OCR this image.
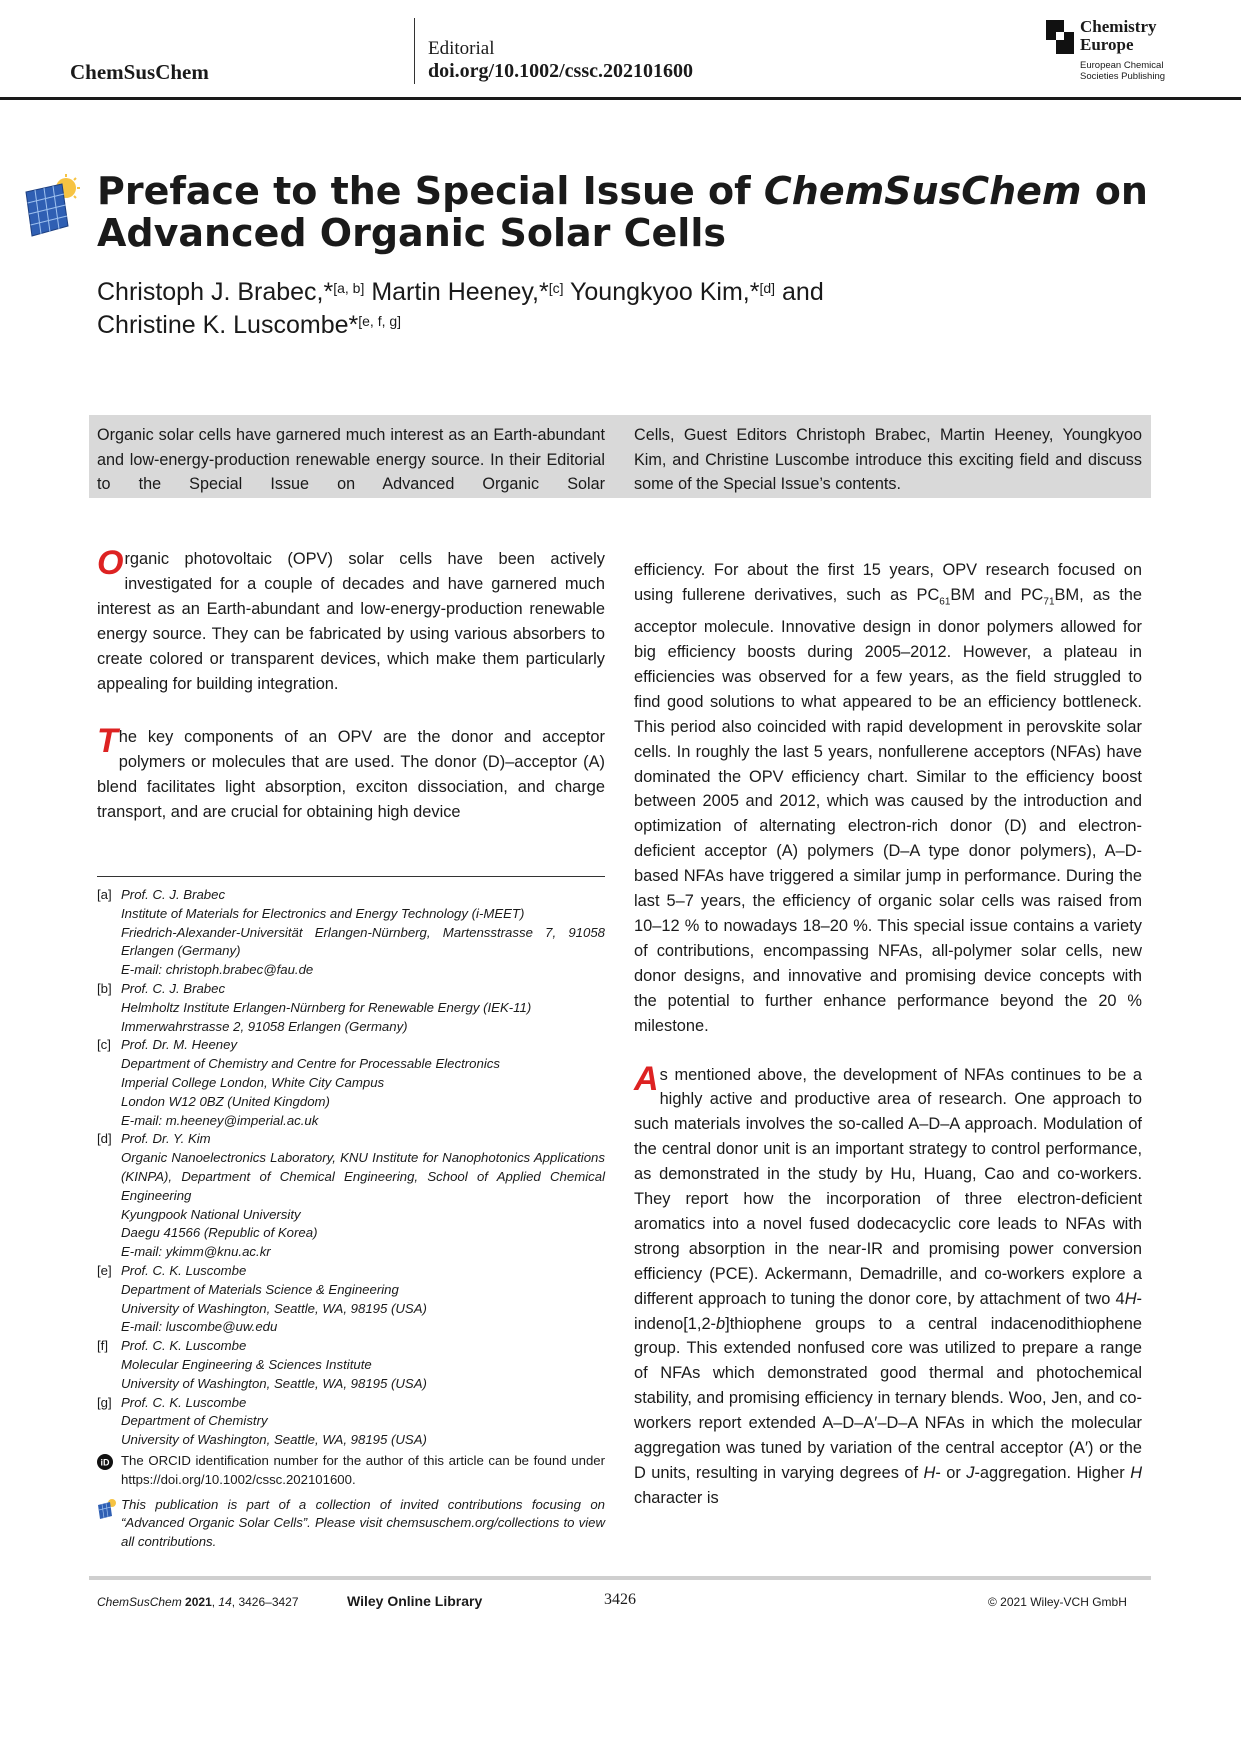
ChemSusChem
Editorial
doi.org/10.1002/cssc.202101600
Chemistry
Europe
European Chemical
Societies Publishing
Preface to the Special Issue of ChemSusChem on Advanced Organic Solar Cells
Christoph J. Brabec,*[a, b] Martin Heeney,*[c] Youngkyoo Kim,*[d] and
Christine K. Luscombe*[e, f, g]
Organic solar cells have garnered much interest as an Earth-abundant and low-energy-production renewable energy source. In their Editorial to the Special Issue on Advanced Organic Solar
Cells, Guest Editors Christoph Brabec, Martin Heeney, Youngkyoo Kim, and Christine Luscombe introduce this exciting field and discuss some of the Special Issue’s contents.

Organic photovoltaic (OPV) solar cells have been actively investigated for a couple of decades and have garnered much interest as an Earth-abundant and low-energy-production renewable energy source. They can be fabricated by using various absorbers to create colored or transparent devices, which make them particularly appealing for building integration.

The key components of an OPV are the donor and acceptor polymers or molecules that are used. The donor (D)–acceptor (A) blend facilitates light absorption, exciton dissociation, and charge transport, and are crucial for obtaining high device

[a] Prof. C. J. Brabec
Institute of Materials for Electronics and Energy Technology (i-MEET)
Friedrich-Alexander-Universität Erlangen-Nürnberg, Martensstrasse 7, 91058 Erlangen (Germany)
E-mail: christoph.brabec@fau.de
[b] Prof. C. J. Brabec
Helmholtz Institute Erlangen-Nürnberg for Renewable Energy (IEK-11)
Immerwahrstrasse 2, 91058 Erlangen (Germany)
[c] Prof. Dr. M. Heeney
Department of Chemistry and Centre for Processable Electronics
Imperial College London, White City Campus
London W12 0BZ (United Kingdom)
E-mail: m.heeney@imperial.ac.uk
[d] Prof. Dr. Y. Kim
Organic Nanoelectronics Laboratory, KNU Institute for Nanophotonics Applications (KINPA), Department of Chemical Engineering, School of Applied Chemical Engineering
Kyungpook National University
Daegu 41566 (Republic of Korea)
E-mail: ykimm@knu.ac.kr
[e] Prof. C. K. Luscombe
Department of Materials Science & Engineering
University of Washington, Seattle, WA, 98195 (USA)
E-mail: luscombe@uw.edu
[f] Prof. C. K. Luscombe
Molecular Engineering & Sciences Institute
University of Washington, Seattle, WA, 98195 (USA)
[g] Prof. C. K. Luscombe
Department of Chemistry
University of Washington, Seattle, WA, 98195 (USA)
iD The ORCID identification number for the author of this article can be found under https://doi.org/10.1002/cssc.202101600.
This publication is part of a collection of invited contributions focusing on “Advanced Organic Solar Cells”. Please visit chemsuschem.org/collections to view all contributions.

efficiency. For about the first 15 years, OPV research focused on using fullerene derivatives, such as $PC_{61}BM$ and $PC_{71}BM$, as the acceptor molecule. Innovative design in donor polymers allowed for big efficiency boosts during 2005–2012. However, a plateau in efficiencies was observed for a few years, as the field struggled to find good solutions to what appeared to be an efficiency bottleneck. This period also coincided with rapid development in perovskite solar cells. In roughly the last 5 years, nonfullerene acceptors (NFAs) have dominated the OPV efficiency chart. Similar to the efficiency boost between 2005 and 2012, which was caused by the introduction and optimization of alternating electron-rich donor (D) and electron-deficient acceptor (A) polymers (D–A type donor polymers), A–D-based NFAs have triggered a similar jump in performance. During the last 5–7 years, the efficiency of organic solar cells was raised from 10–12 % to nowadays 18–20 %. This special issue contains a variety of contributions, encompassing NFAs, all-polymer solar cells, new donor designs, and innovative and promising device concepts with the potential to further enhance performance beyond the 20 % milestone.

As mentioned above, the development of NFAs continues to be a highly active and productive area of research. One approach to such materials involves the so-called A–D–A approach. Modulation of the central donor unit is an important strategy to control performance, as demonstrated in the study by Hu, Huang, Cao and co-workers. They report how the incorporation of three electron-deficient aromatics into a novel fused dodecacyclic core leads to NFAs with strong absorption in the near-IR and promising power conversion efficiency (PCE). Ackermann, Demadrille, and co-workers explore a different approach to tuning the donor core, by attachment of two 4H-indeno[1,2-b]thiophene groups to a central indacenodithiophene group. This extended nonfused core was utilized to prepare a range of NFAs which demonstrated good thermal and photochemical stability, and promising efficiency in ternary blends. Woo, Jen, and co-workers report extended A–D–A′–D–A NFAs in which the molecular aggregation was tuned by variation of the central acceptor (A′) or the D units, resulting in varying degrees of H- or J-aggregation. Higher H character is

ChemSusChem 2021, 14, 3426–3427	Wiley Online Library	3426	© 2021 Wiley-VCH GmbH
